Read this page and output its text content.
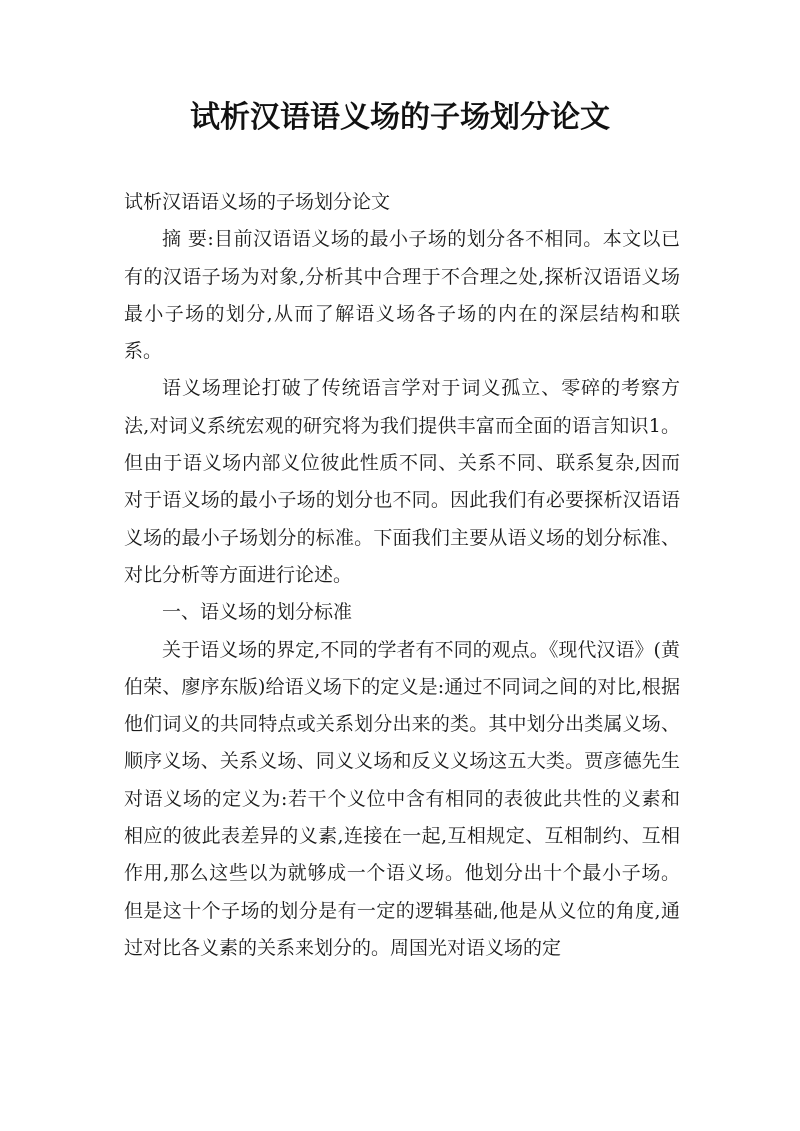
试析汉语语义场的子场划分论文

试析汉语语义场的子场划分论文

摘 要:目前汉语语义场的最小子场的划分各不相同。本文以已有的汉语子场为对象,分析其中合理于不合理之处,探析汉语语义场最小子场的划分,从而了解语义场各子场的内在的深层结构和联系。

语义场理论打破了传统语言学对于词义孤立、零碎的考察方法,对词义系统宏观的研究将为我们提供丰富而全面的语言知识1。但由于语义场内部义位彼此性质不同、关系不同、联系复杂,因而对于语义场的最小子场的划分也不同。因此我们有必要探析汉语语义场的最小子场划分的标准。下面我们主要从语义场的划分标准、对比分析等方面进行论述。

一、语义场的划分标准

关于语义场的界定,不同的学者有不同的观点。《现代汉语》(黄伯荣、廖序东版)给语义场下的定义是:通过不同词之间的对比,根据他们词义的共同特点或关系划分出来的类。其中划分出类属义场、顺序义场、关系义场、同义义场和反义义场这五大类。贾彦德先生对语义场的定义为:若干个义位中含有相同的表彼此共性的义素和相应的彼此表差异的义素,连接在一起,互相规定、互相制约、互相作用,那么这些以为就够成一个语义场。他划分出十个最小子场。但是这十个子场的划分是有一定的逻辑基础,他是从义位的角度,通过对比各义素的关系来划分的。周国光对语义场的定
